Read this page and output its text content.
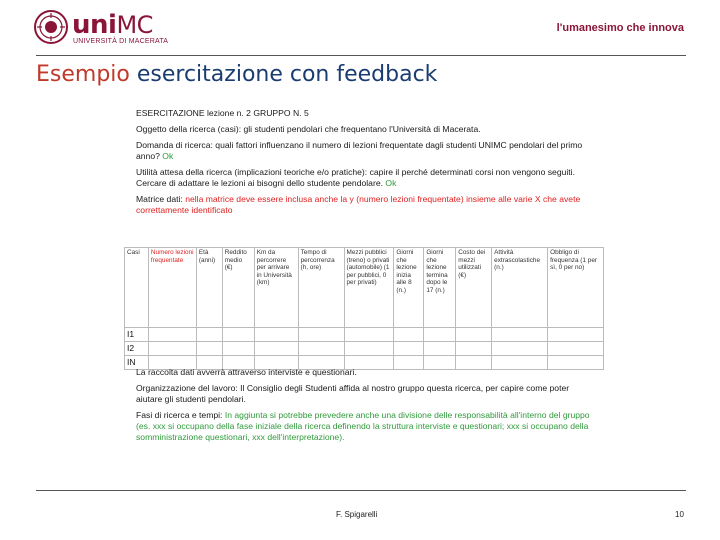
uniMC
UNIVERSITÀ DI MACERATA
l'umanesimo che innova
Esempio esercitazione con feedback

ESERCITAZIONE lezione n. 2 GRUPPO N. 5

Oggetto della ricerca (casi): gli studenti pendolari che frequentano l'Università di Macerata.

Domanda di ricerca: quali fattori influenzano il numero di lezioni frequentate dagli studenti UNIMC pendolari del primo anno? Ok

Utilità attesa della ricerca (implicazioni teoriche e/o pratiche): capire il perché determinati corsi non vengono seguiti. Cercare di adattare le lezioni ai bisogni dello studente pendolare. Ok

Matrice dati: nella matrice deve essere inclusa anche la y (numero lezioni frequentate) insieme alle varie X che avete correttamente identificato

Casi	Numero lezioni frequentate	Età (anni)	Reddito medio (€)	Km da percorrere per arrivare in Università (km)	Tempo di percorrenza (h, ore)	Mezzi pubblici (treno) o privati (automobile) (1 per pubblici, 0 per privati)	Giorni che lezione inizia alle 8 (n.)	Giorni che lezione termina dopo le 17 (n.)	Costo dei mezzi utilizzati (€)	Attività extrascolastiche (n.)	Obbligo di frequenza (1 per sì, 0 per no)
I1											
I2											
IN											

La raccolta dati avverrà attraverso interviste e questionari.

Organizzazione del lavoro: Il Consiglio degli Studenti affida al nostro gruppo questa ricerca, per capire come poter aiutare gli studenti pendolari.

Fasi di ricerca e tempi: In aggiunta si potrebbe prevedere anche una divisione delle responsabilità all'interno del gruppo (es. xxx si occupano della fase iniziale della ricerca definendo la struttura interviste e questionari; xxx si occupano della somministrazione questionari, xxx dell'interpretazione).

F. Spigarelli	10
